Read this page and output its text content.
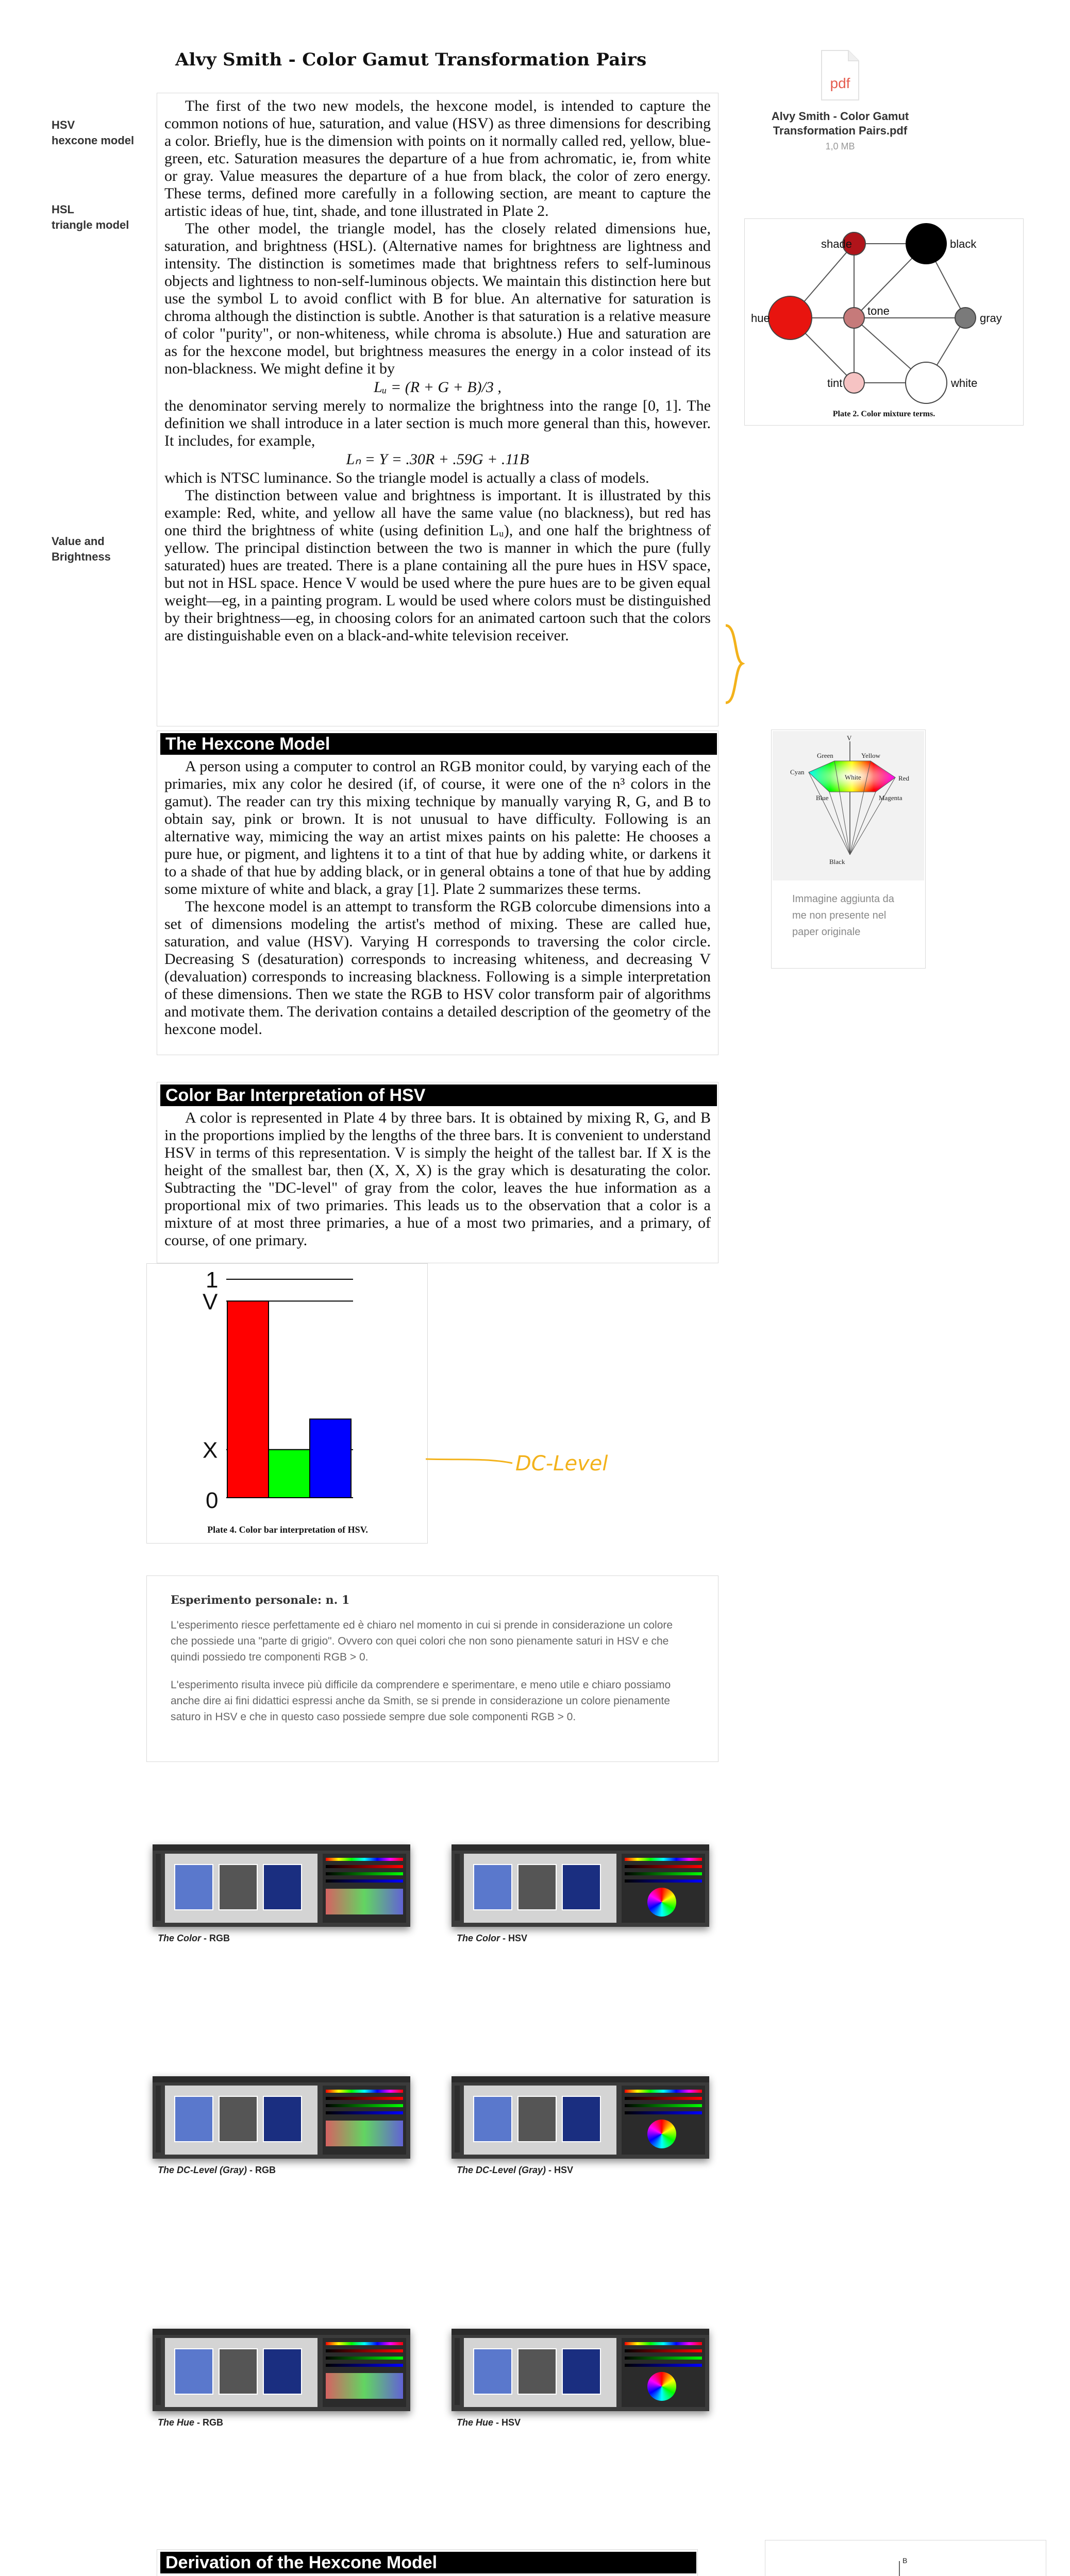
Alvy Smith - Color Gamut Transformation Pairs
HSV
hexcone model
HSL
triangle model
Value and
Brightness

The first of the two new models, the hexcone model, is intended to capture the common notions of hue, saturation, and value (HSV) as three dimensions for describing a color. Briefly, hue is the dimension with points on it normally called red, yellow, blue-green, etc. Saturation measures the departure of a hue from achromatic, ie, from white or gray. Value measures the departure of a hue from black, the color of zero energy. These terms, defined more carefully in a following section, are meant to capture the artistic ideas of hue, tint, shade, and tone illustrated in Plate 2.

The other model, the triangle model, has the closely related dimensions hue, saturation, and brightness (HSL). (Alternative names for brightness are lightness and intensity. The distinction is sometimes made that brightness refers to self-luminous objects and lightness to non-self-luminous objects. We maintain this distinction here but use the symbol L to avoid conflict with B for blue. An alternative for saturation is chroma although the distinction is subtle. Another is that saturation is a relative measure of color "purity", or non-whiteness, while chroma is absolute.) Hue and saturation are as for the hexcone model, but brightness measures the energy in a color instead of its non-blackness. We might define it by

Lᵤ = (R + G + B)/3 ,

the denominator serving merely to normalize the brightness into the range [0, 1]. The definition we shall introduce in a later section is much more general than this, however. It includes, for example,

Lₙ = Y = .30R + .59G + .11B

which is NTSC luminance. So the triangle model is actually a class of models.

The distinction between value and brightness is important. It is illustrated by this example: Red, white, and yellow all have the same value (no blackness), but red has one third the brightness of white (using definition Lᵤ), and one half the brightness of yellow. The principal distinction between the two is manner in which the pure (fully saturated) hues are treated. There is a plane containing all the pure hues in HSV space, but not in HSL space. Hence V would be used where the pure hues are to be given equal weight—eg, in a painting program. L would be used where colors must be distinguished by their brightness—eg, in choosing colors for an animated cartoon such that the colors are distinguishable even on a black-and-white television receiver.

pdf
Alvy Smith - Color Gamut Transformation Pairs.pdf
1,0 MB
shade	black
hue
tone
gray
tint	white
Plate 2. Color mixture terms.
The Hexcone Model

A person using a computer to control an RGB monitor could, by varying each of the primaries, mix any color he desired (if, of course, it were one of the n³ colors in the gamut). The reader can try this mixing technique by manually varying R, G, and B to obtain say, pink or brown. It is not unusual to have difficulty. Following is an alternative way, mimicing the way an artist mixes paints on his palette: He chooses a pure hue, or pigment, and lightens it to a tint of that hue by adding white, or darkens it to a shade of that hue by adding black, or in general obtains a tone of that hue by adding some mixture of white and black, a gray [1]. Plate 2 summarizes these terms.

The hexcone model is an attempt to transform the RGB colorcube dimensions into a set of dimensions modeling the artist's method of mixing. These are called hue, saturation, and value (HSV). Varying H corresponds to traversing the color circle. Decreasing S (desaturation) corresponds to increasing whiteness, and decreasing V (devaluation) corresponds to increasing blackness. Following is a simple interpretation of these dimensions. Then we state the RGB to HSV color transform pair of algorithms and motivate them. The derivation contains a detailed description of the geometry of the hexcone model.

V
Green	Yellow
Cyan
Red
White
Blue	Magenta
Black
Immagine aggiunta da me non presente nel paper originale
Color Bar Interpretation of HSV

A color is represented in Plate 4 by three bars. It is obtained by mixing R, G, and B in the proportions implied by the lengths of the three bars. It is convenient to understand HSV in terms of this representation. V is simply the height of the tallest bar. If X is the height of the smallest bar, then (X, X, X) is the gray which is desaturating the color. Subtracting the "DC-level" of gray from the color, leaves the hue information as a proportional mix of two primaries. This leads us to the observation that a color is a mixture of at most three primaries, a hue of a most two primaries, and a primary, of course, of one primary.

1
V
X
0
Plate 4. Color bar interpretation of HSV.
DC-Level
Esperimento personale: n. 1
L'esperimento riesce perfettamente ed è chiaro nel momento in cui si prende in considerazione un colore che possiede una "parte di grigio". Ovvero con quei colori che non sono pienamente saturi in HSV e che quindi possiedo tre componenti RGB > 0.
L'esperimento risulta invece più difficile da comprendere e sperimentare, e meno utile e chiaro possiamo anche dire ai fini didattici espressi anche da Smith, se si prende in considerazione un colore pienamente saturo in HSV e che in questo caso possiede sempre due sole componenti RGB > 0.
The Color - RGB	The Color - HSV
The DC-Level (Gray) - RGB	The DC-Level (Gray) - HSV
The Hue - RGB	The Hue - HSV
Derivation of the Hexcone Model	B
